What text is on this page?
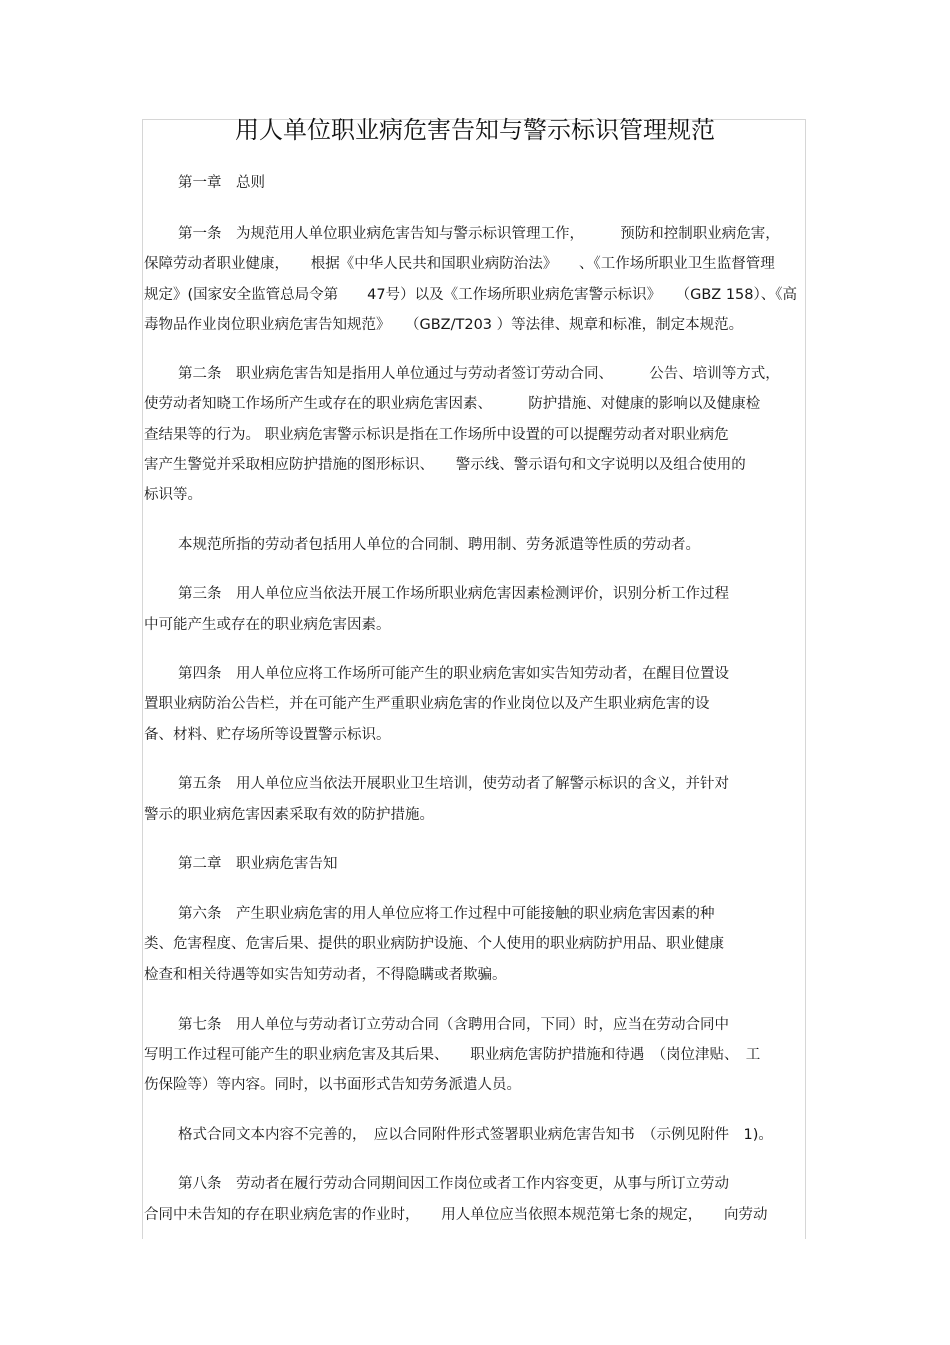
用人单位职业病危害告知与警示标识管理规范
第一章　总则
第一条　为规范用人单位职业病危害告知与警示标识管理工作，　　　预防和控制职业病危害，
保障劳动者职业健康，　　根据《中华人民共和国职业病防治法》　　、《工作场所职业卫生监督管理
规定》(国家安全监管总局令第　　47号）以及《工作场所职业病危害警示标识》　　（GBZ 158）、《高
毒物品作业岗位职业病危害告知规范》　　（GBZ/T203 ）等法律、规章和标准，制定本规范。
第二条　职业病危害告知是指用人单位通过与劳动者签订劳动合同、　　　公告、培训等方式，
使劳动者知晓工作场所产生或存在的职业病危害因素、　　　防护措施、对健康的影响以及健康检
查结果等的行为。 职业病危害警示标识是指在工作场所中设置的可以提醒劳动者对职业病危
害产生警觉并采取相应防护措施的图形标识、　　警示线、警示语句和文字说明以及组合使用的
标识等。
本规范所指的劳动者包括用人单位的合同制、聘用制、劳务派遣等性质的劳动者。
第三条　用人单位应当依法开展工作场所职业病危害因素检测评价，识别分析工作过程
中可能产生或存在的职业病危害因素。
第四条　用人单位应将工作场所可能产生的职业病危害如实告知劳动者，在醒目位置设
置职业病防治公告栏，并在可能产生严重职业病危害的作业岗位以及产生职业病危害的设
备、材料、贮存场所等设置警示标识。
第五条　用人单位应当依法开展职业卫生培训，使劳动者了解警示标识的含义，并针对
警示的职业病危害因素采取有效的防护措施。
第二章　职业病危害告知
第六条　产生职业病危害的用人单位应将工作过程中可能接触的职业病危害因素的种
类、危害程度、危害后果、提供的职业病防护设施、个人使用的职业病防护用品、职业健康
检查和相关待遇等如实告知劳动者，不得隐瞒或者欺骗。
第七条　用人单位与劳动者订立劳动合同（含聘用合同，下同）时，应当在劳动合同中
写明工作过程可能产生的职业病危害及其后果、　　职业病危害防护措施和待遇　（岗位津贴、　工
伤保险等）等内容。同时，以书面形式告知劳务派遣人员。
格式合同文本内容不完善的，　应以合同附件形式签署职业病危害告知书　（示例见附件　1)。
第八条　劳动者在履行劳动合同期间因工作岗位或者工作内容变更，从事与所订立劳动
合同中未告知的存在职业病危害的作业时，　　用人单位应当依照本规范第七条的规定，　　向劳动
